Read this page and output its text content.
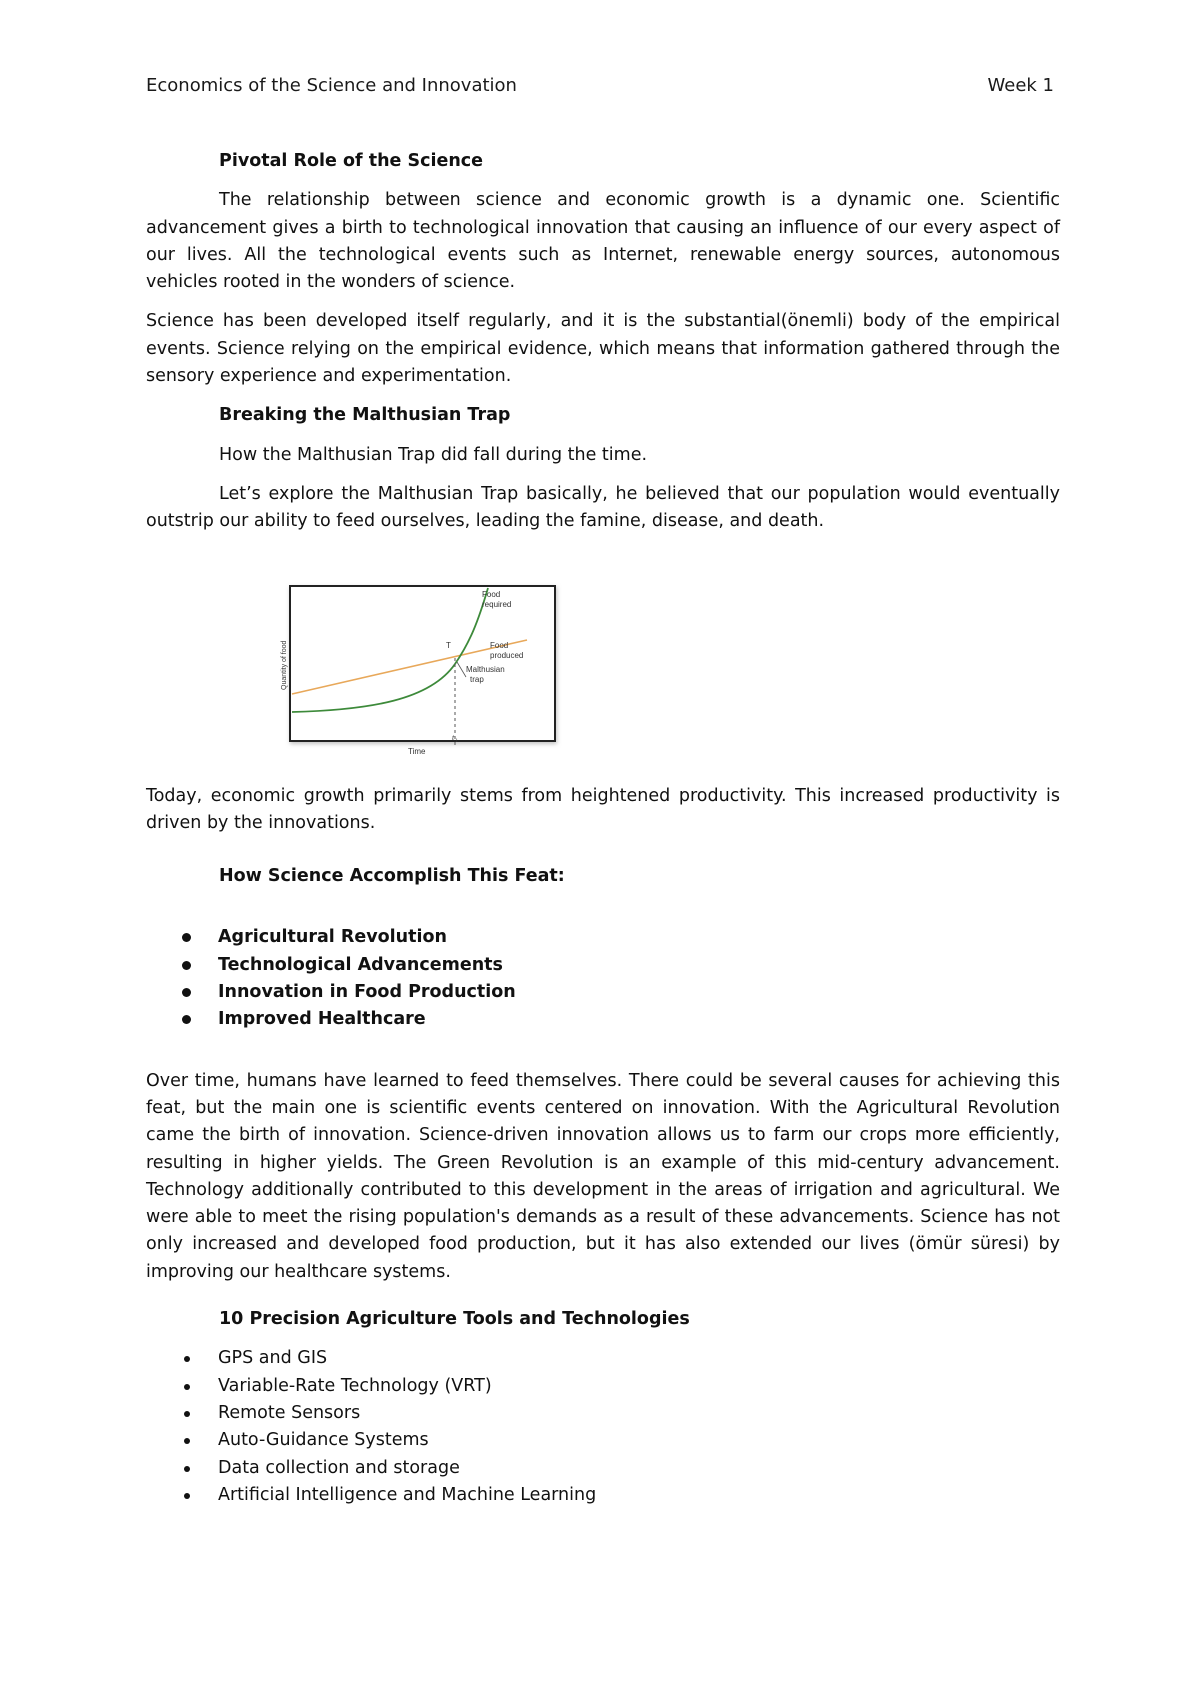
Economics of the Science and Innovation	Week 1
Pivotal Role of the Science
The relationship between science and economic growth is a dynamic one. Scientific advancement gives a birth to technological innovation that causing an influence of our every aspect of our lives. All the technological events such as Internet, renewable energy sources, autonomous vehicles rooted in the wonders of science.
Science has been developed itself regularly, and it is the substantial(önemli) body of the empirical events. Science relying on the empirical evidence, which means that information gathered through the sensory experience and experimentation.
Breaking the Malthusian Trap
How the Malthusian Trap did fall during the time.
Let’s explore the Malthusian Trap basically, he believed that our population would eventually outstrip our ability to feed ourselves, leading the famine, disease, and death.
Food
required
Food
produced
Malthusian
trap
T
t 1
Time
Quantity of food
Today, economic growth primarily stems from heightened productivity. This increased productivity is driven by the innovations.
How Science Accomplish This Feat:
Agricultural Revolution
Technological Advancements
Innovation in Food Production
Improved Healthcare
Over time, humans have learned to feed themselves. There could be several causes for achieving this feat, but the main one is scientific events centered on innovation. With the Agricultural Revolution came the birth of innovation. Science-driven innovation allows us to farm our crops more efficiently, resulting in higher yields. The Green Revolution is an example of this mid-century advancement. Technology additionally contributed to this development in the areas of irrigation and agricultural. We were able to meet the rising population's demands as a result of these advancements. Science has not only increased and developed food production, but it has also extended our lives (ömür süresi) by improving our healthcare systems.
10 Precision Agriculture Tools and Technologies
GPS and GIS
Variable-Rate Technology (VRT)
Remote Sensors
Auto-Guidance Systems
Data collection and storage
Artificial Intelligence and Machine Learning
